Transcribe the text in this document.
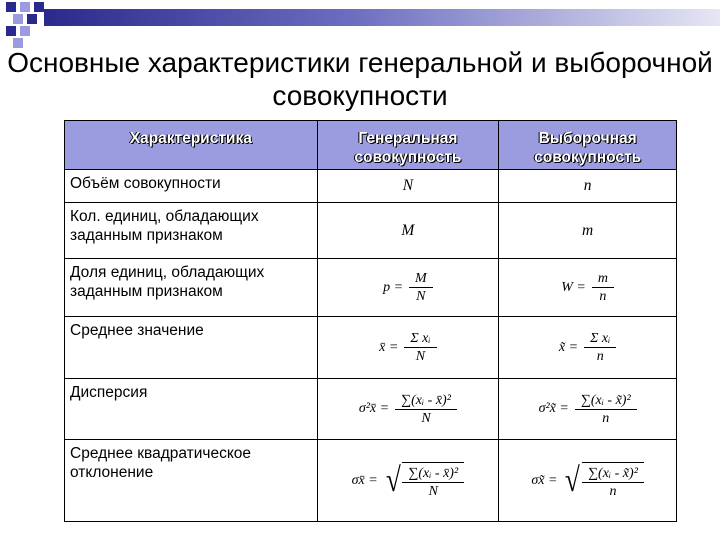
Основные характеристики генеральной и выборочной совокупности
Характеристика	Генеральная совокупность	Выборочная совокупность
Объём совокупности	N	n
Кол. единиц, обладающих заданным признаком	M	m
Доля единиц, обладающих заданным признаком	$p = \frac{M}{N}$	$W = \frac{m}{n}$

Среднее значение	x̄ = $\frac{\text{Σ xᵢ}}{N}$	x̃ = $\frac{\text{Σ xᵢ}}{n}$

Дисперсия	σ²x̄ = $\frac{\text{∑(xᵢ - x̄)²}}{N}$	σ²x̃ = $\frac{\text{∑(xᵢ - x̃)²}}{n}$

Среднее квадратическое отклонение	σx̄ = √ $\frac{\text{∑(xᵢ - x̄)²}}{N}$	σx̃ = √ $\frac{\text{∑(xᵢ - x̃)²}}{n}$
